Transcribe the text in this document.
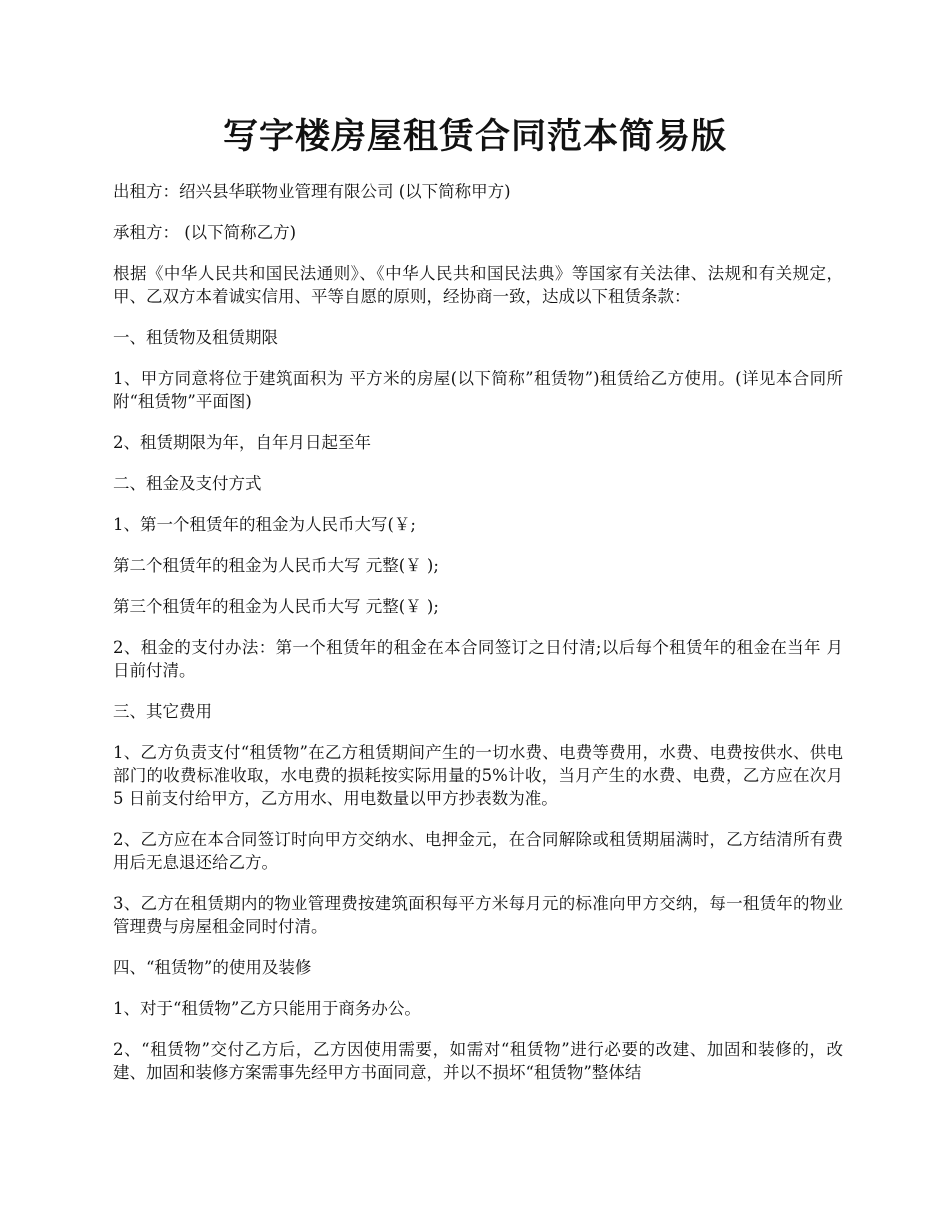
写字楼房屋租赁合同范本简易版

出租方：绍兴县华联物业管理有限公司 (以下简称甲方)

承租方： (以下简称乙方)

根据《中华人民共和国民法通则》、《中华人民共和国民法典》等国家有关法律、法规和有关规定，甲、乙双方本着诚实信用、平等自愿的原则，经协商一致，达成以下租赁条款：

一、租赁物及租赁期限

1、甲方同意将位于建筑面积为 平方米的房屋(以下简称”租赁物”)租赁给乙方使用。(详见本合同所附“租赁物”平面图)

2、租赁期限为年，自年月日起至年

二、租金及支付方式

1、第一个租赁年的租金为人民币大写(￥;

第二个租赁年的租金为人民币大写 元整(￥ );

第三个租赁年的租金为人民币大写 元整(￥ );

2、租金的支付办法：第一个租赁年的租金在本合同签订之日付清;以后每个租赁年的租金在当年 月 日前付清。

三、其它费用

1、乙方负责支付“租赁物”在乙方租赁期间产生的一切水费、电费等费用，水费、电费按供水、供电部门的收费标准收取，水电费的损耗按实际用量的5%计收，当月产生的水费、电费，乙方应在次月 5 日前支付给甲方，乙方用水、用电数量以甲方抄表数为准。

2、乙方应在本合同签订时向甲方交纳水、电押金元，在合同解除或租赁期届满时，乙方结清所有费用后无息退还给乙方。

3、乙方在租赁期内的物业管理费按建筑面积每平方米每月元的标准向甲方交纳，每一租赁年的物业管理费与房屋租金同时付清。

四、“租赁物”的使用及装修

1、对于“租赁物”乙方只能用于商务办公。

2、“租赁物”交付乙方后，乙方因使用需要，如需对“租赁物”进行必要的改建、加固和装修的，改建、加固和装修方案需事先经甲方书面同意，并以不损坏“租赁物”整体结
